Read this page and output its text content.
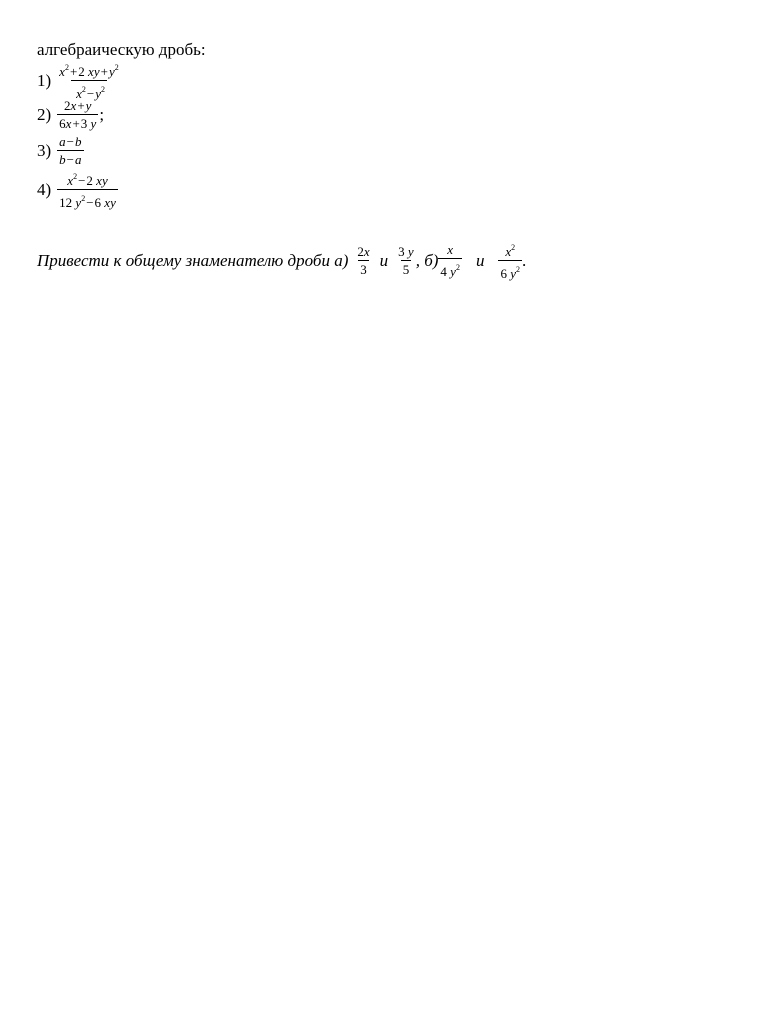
алгебраическую дробь:
$1) \frac{x^2+2 xy+y^2}{x^2-y^2}$
$2) \frac{2x+y}{6x+3 y}$ ;
$3) \frac{a-b}{b-a}$
$4) \frac{x^2-2 xy}{12 y^2-6 xy}$
Привести к общему знаменателю дроби $а) \frac{2x}{3}$ и $\frac{3 y}{5}$ , $б) \frac{x}{4 y^2}$ и $\frac{x^2}{6 y^2}$ .
